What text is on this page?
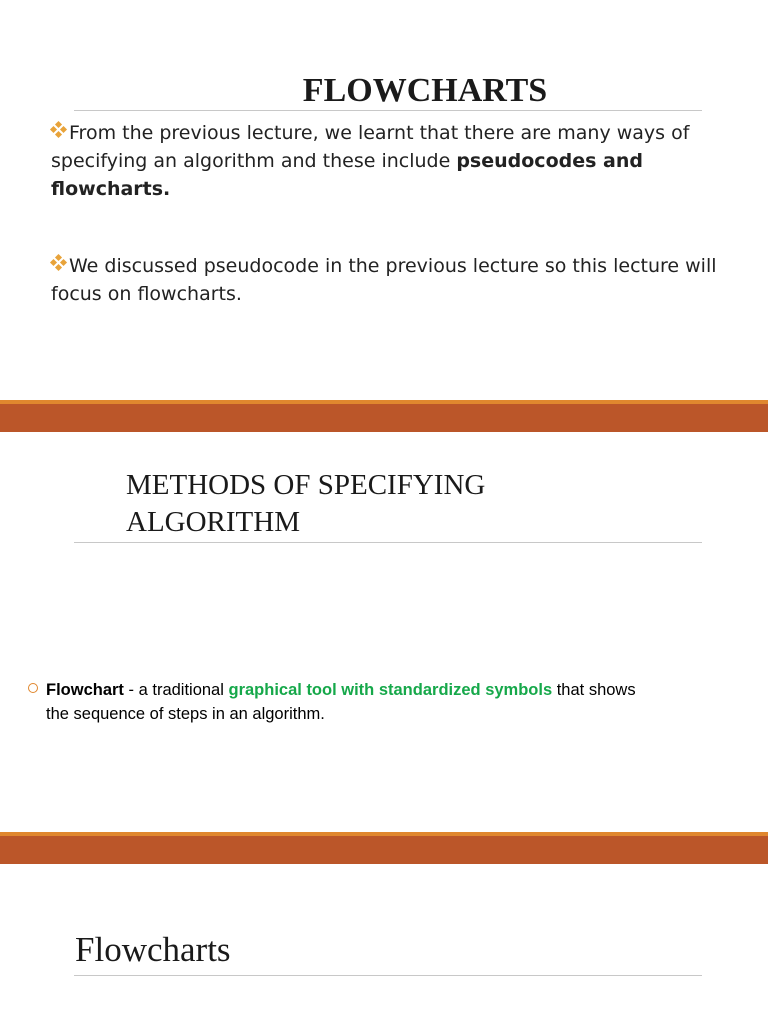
FLOWCHARTS
From the previous lecture, we learnt that there are many ways of specifying an algorithm and these include pseudocodes and flowcharts.
We discussed pseudocode in the previous lecture so this lecture will focus on flowcharts.
METHODS OF SPECIFYING
ALGORITHM
Flowchart - a traditional graphical tool with standardized symbols that shows
the sequence of steps in an algorithm.
Flowcharts
